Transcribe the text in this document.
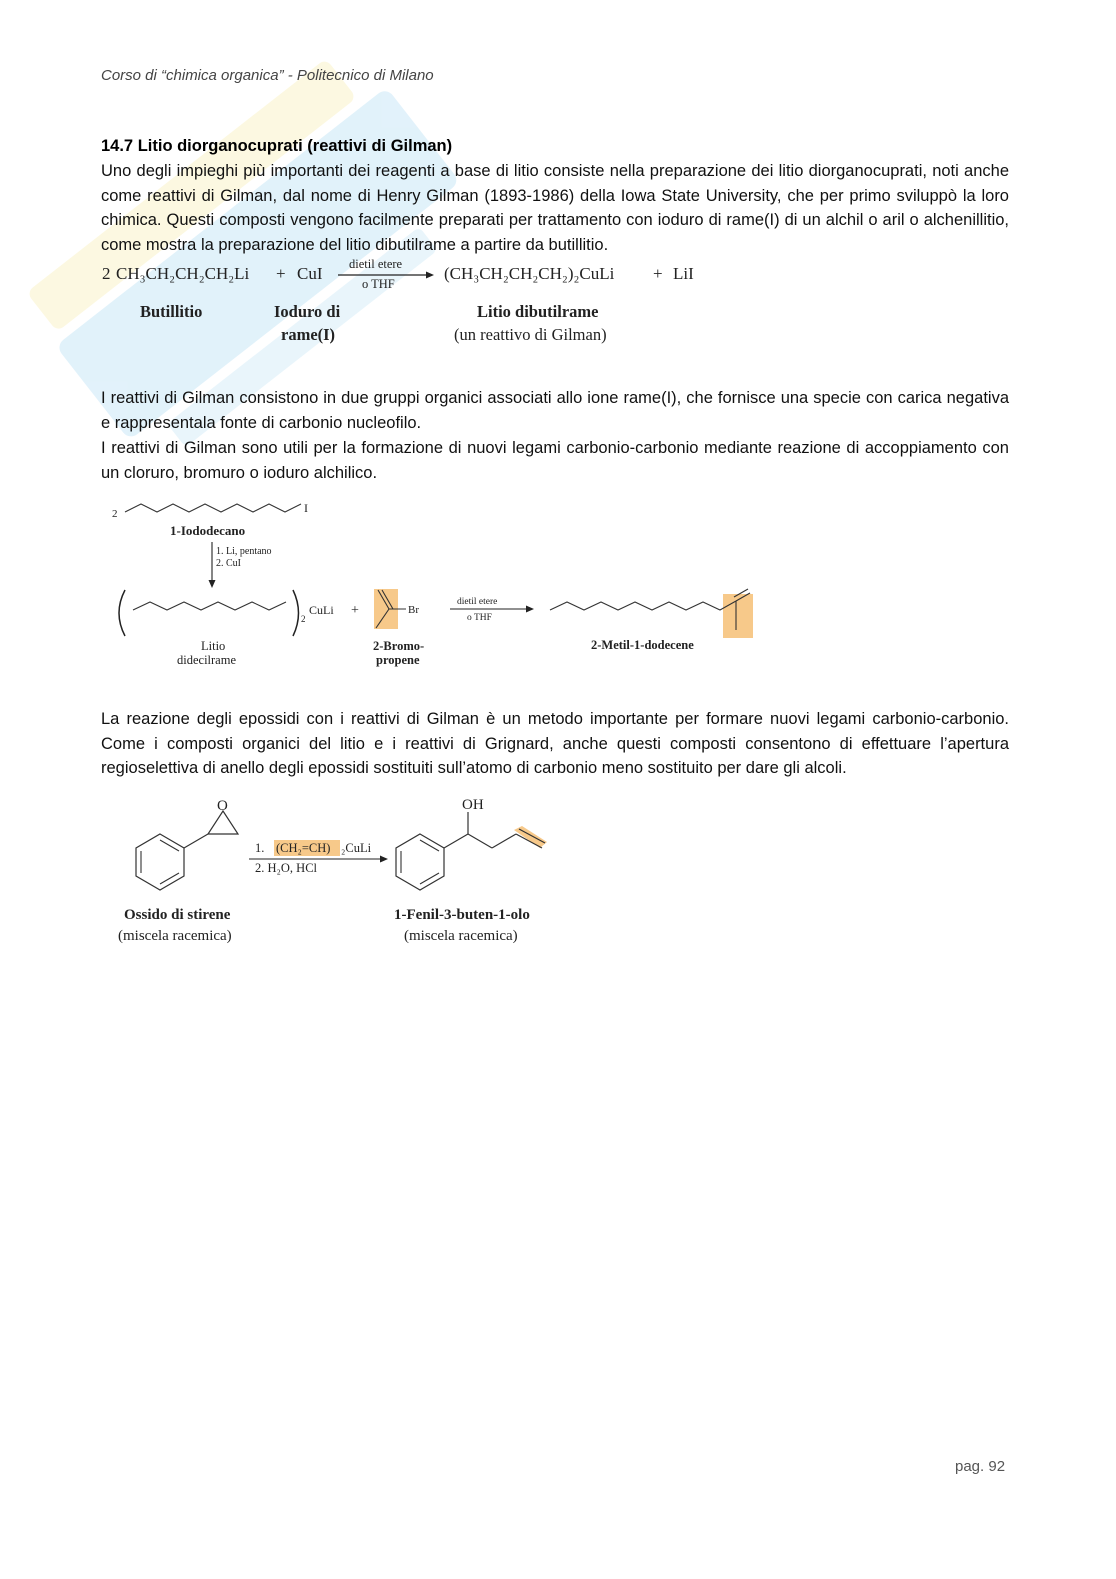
Corso di “chimica organica” - Politecnico di Milano
14.7 Litio diorganocuprati (reattivi di Gilman)

Uno degli impieghi più importanti dei reagenti a base di litio consiste nella preparazione dei litio diorganocuprati, noti anche come reattivi di Gilman, dal nome di Henry Gilman (1893-1986) della Iowa State University, che per primo sviluppò la loro chimica. Questi composti vengono facilmente preparati per trattamento con ioduro di rame(I) di un alchil o aril o alchenillitio, come mostra la preparazione del litio dibutilrame a partire da butillitio.

2 CH₃CH₂CH₂CH₂Li + CuI dietil etere
o THF
(CH₃CH₂CH₂CH₂)₂CuLi + LiI
Butillitio	Ioduro di
rame(I)
Litio dibutilrame
(un reattivo di Gilman)

I reattivi di Gilman consistono in due gruppi organici associati allo ione rame(I), che fornisce una specie con carica negativa e rappresentala fonte di carbonio nucleofilo.

I reattivi di Gilman sono utili per la formazione di nuovi legami carbonio-carbonio mediante reazione di accoppiamento con un cloruro, bromuro o ioduro alchilico.

2	I
1-Iododecano
1. Li, pentano
2. CuI
2
CuLi
Litio
didecilrame
+	Br
2-Bromo-
propene
dietil etere
o THF
2-Metil-1-dodecene

La reazione degli epossidi con i reattivi di Gilman è un metodo importante per formare nuovi legami carbonio-carbonio. Come i composti organici del litio e i reattivi di Grignard, anche questi composti consentono di effettuare l’apertura regioselettiva di anello degli epossidi sostituiti sull’atomo di carbonio meno sostituito per dare gli alcoli.

O
1. (CH₂=CH) ₂CuLi
2. H₂O, HCl
OH
Ossido di stirene
(miscela racemica)
1-Fenil-3-buten-1-olo
(miscela racemica)
pag. 92
